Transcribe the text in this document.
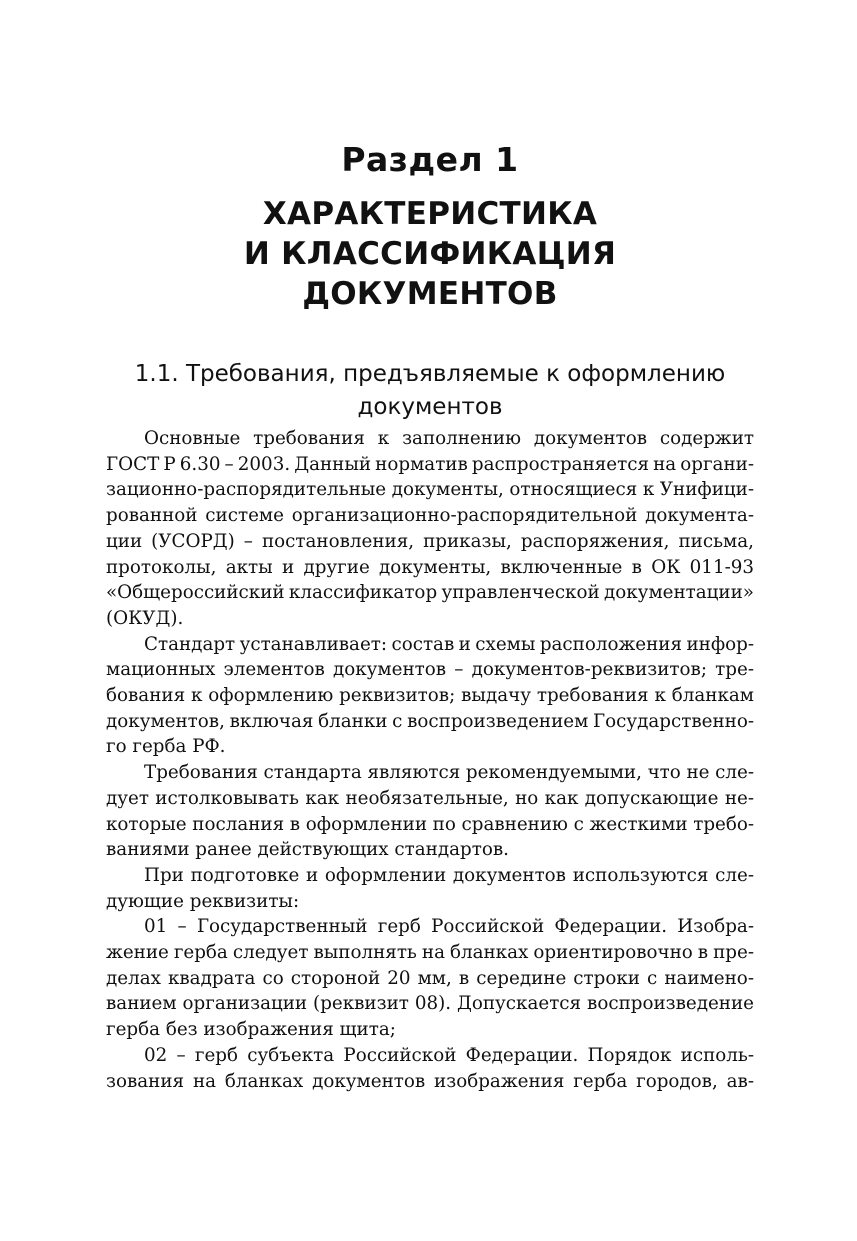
Раздел 1
ХАРАКТЕРИСТИКА
И КЛАССИФИКАЦИЯ
ДОКУМЕНТОВ
1.1. Требования, предъявляемые к оформлению
документов

Основные требования к заполнению документов содержит
ГОСТ Р 6.30 – 2003. Данный норматив распространяется на органи-
зационно-распорядительные документы, относящиеся к Унифици-
рованной системе организационно-распорядительной документа-
ции (УСОРД) – постановления, приказы, распоряжения, письма,
протоколы, акты и другие документы, включенные в ОК 011-93
«Общероссийский классификатор управленческой документации»
(ОКУД).

Стандарт устанавливает: состав и схемы расположения инфор-
мационных элементов документов – документов-реквизитов; тре-
бования к оформлению реквизитов; выдачу требования к бланкам
документов, включая бланки с воспроизведением Государственно-
го герба РФ.

Требования стандарта являются рекомендуемыми, что не сле-
дует истолковывать как необязательные, но как допускающие не-
которые послания в оформлении по сравнению с жесткими требо-
ваниями ранее действующих стандартов.

При подготовке и оформлении документов используются сле-
дующие реквизиты:

01 – Государственный герб Российской Федерации. Изобра-
жение герба следует выполнять на бланках ориентировочно в пре-
делах квадрата со стороной 20 мм, в середине строки с наимено-
ванием организации (реквизит 08). Допускается воспроизведение
герба без изображения щита;

02 – герб субъекта Российской Федерации. Порядок исполь-
зования на бланках документов изображения герба городов, ав-
